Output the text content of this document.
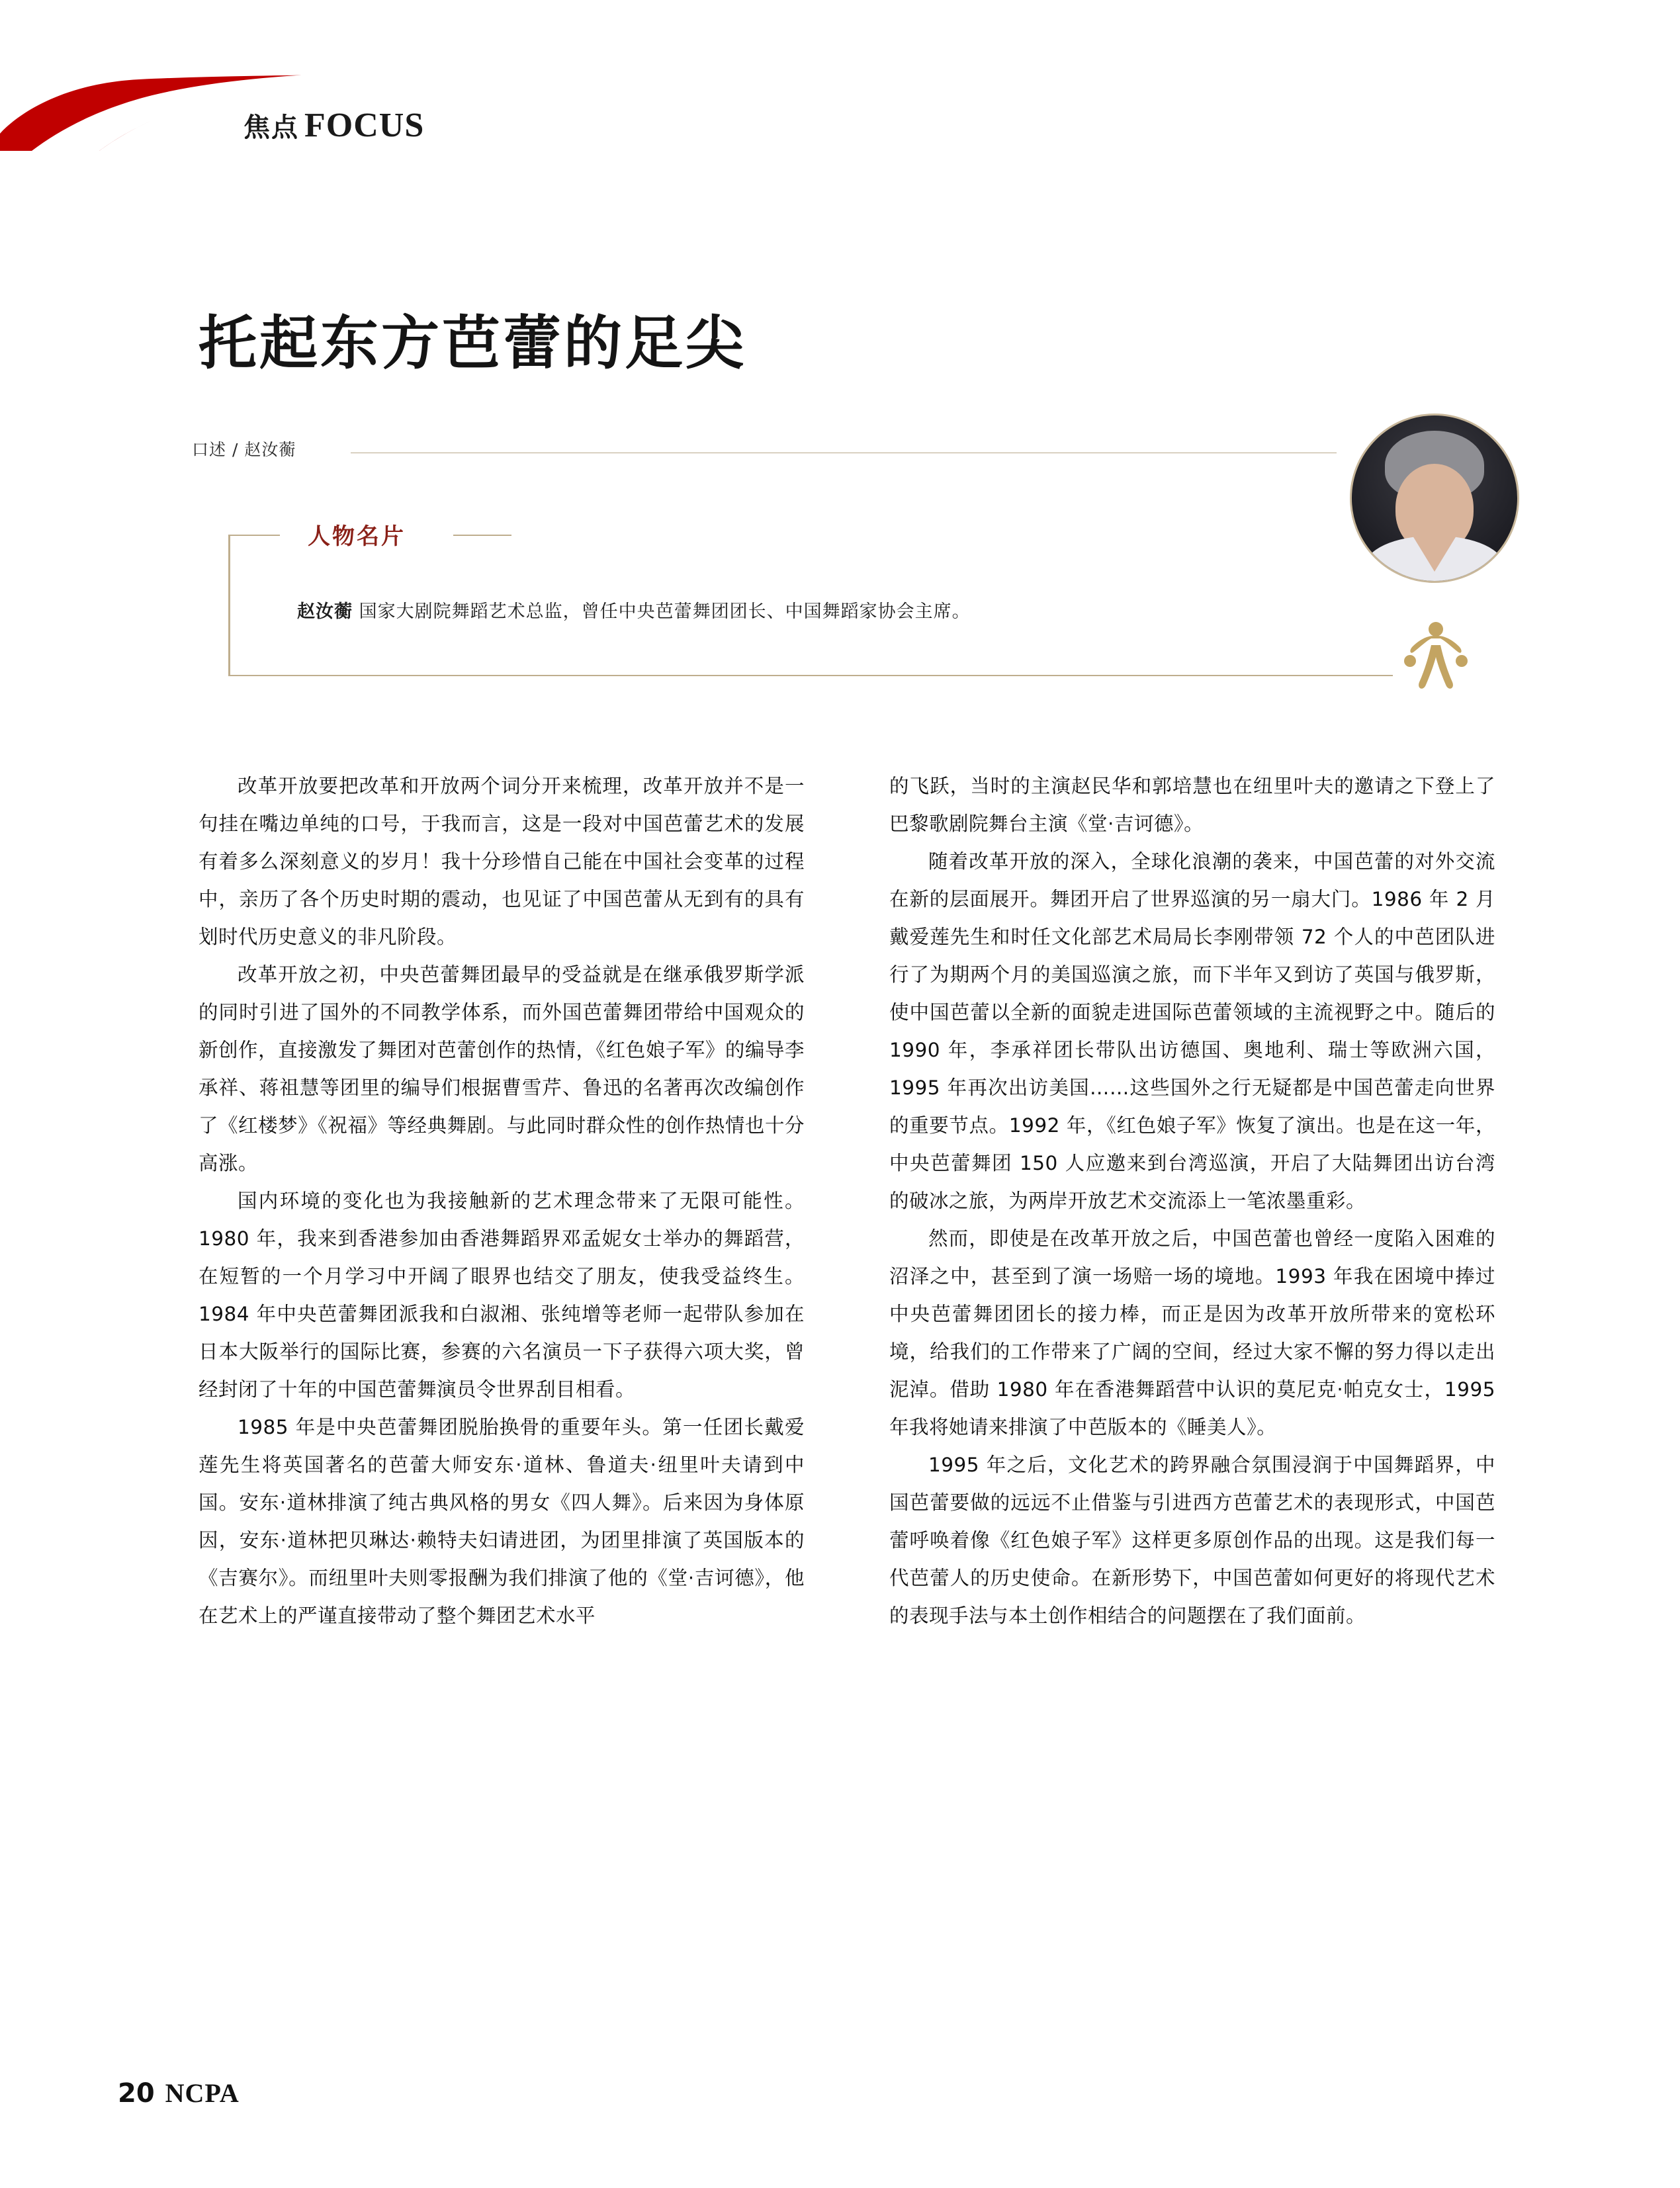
焦点 FOCUS
托起东方芭蕾的足尖
口述 / 赵汝蘅
人物名片
赵汝蘅 国家大剧院舞蹈艺术总监，曾任中央芭蕾舞团团长、中国舞蹈家协会主席。

改革开放要把改革和开放两个词分开来梳理，改革开放并不是一句挂在嘴边单纯的口号，于我而言，这是一段对中国芭蕾艺术的发展有着多么深刻意义的岁月！我十分珍惜自己能在中国社会变革的过程中，亲历了各个历史时期的震动，也见证了中国芭蕾从无到有的具有划时代历史意义的非凡阶段。

改革开放之初，中央芭蕾舞团最早的受益就是在继承俄罗斯学派的同时引进了国外的不同教学体系，而外国芭蕾舞团带给中国观众的新创作，直接激发了舞团对芭蕾创作的热情，《红色娘子军》的编导李承祥、蒋祖慧等团里的编导们根据曹雪芹、鲁迅的名著再次改编创作了《红楼梦》《祝福》等经典舞剧。与此同时群众性的创作热情也十分高涨。

国内环境的变化也为我接触新的艺术理念带来了无限可能性。1980 年，我来到香港参加由香港舞蹈界邓孟妮女士举办的舞蹈营，在短暂的一个月学习中开阔了眼界也结交了朋友，使我受益终生。1984 年中央芭蕾舞团派我和白淑湘、张纯增等老师一起带队参加在日本大阪举行的国际比赛，参赛的六名演员一下子获得六项大奖，曾经封闭了十年的中国芭蕾舞演员令世界刮目相看。

1985 年是中央芭蕾舞团脱胎换骨的重要年头。第一任团长戴爱莲先生将英国著名的芭蕾大师安东·道林、鲁道夫·纽里叶夫请到中国。安东·道林排演了纯古典风格的男女《四人舞》。后来因为身体原因，安东·道林把贝琳达·赖特夫妇请进团，为团里排演了英国版本的《吉赛尔》。而纽里叶夫则零报酬为我们排演了他的《堂·吉诃德》，他在艺术上的严谨直接带动了整个舞团艺术水平

的飞跃，当时的主演赵民华和郭培慧也在纽里叶夫的邀请之下登上了巴黎歌剧院舞台主演《堂·吉诃德》。

随着改革开放的深入，全球化浪潮的袭来，中国芭蕾的对外交流在新的层面展开。舞团开启了世界巡演的另一扇大门。1986 年 2 月戴爱莲先生和时任文化部艺术局局长李刚带领 72 个人的中芭团队进行了为期两个月的美国巡演之旅，而下半年又到访了英国与俄罗斯，使中国芭蕾以全新的面貌走进国际芭蕾领域的主流视野之中。随后的 1990 年，李承祥团长带队出访德国、奥地利、瑞士等欧洲六国，1995 年再次出访美国……这些国外之行无疑都是中国芭蕾走向世界的重要节点。1992 年，《红色娘子军》恢复了演出。也是在这一年，中央芭蕾舞团 150 人应邀来到台湾巡演，开启了大陆舞团出访台湾的破冰之旅，为两岸开放艺术交流添上一笔浓墨重彩。

然而，即使是在改革开放之后，中国芭蕾也曾经一度陷入困难的沼泽之中，甚至到了演一场赔一场的境地。1993 年我在困境中捧过中央芭蕾舞团团长的接力棒，而正是因为改革开放所带来的宽松环境，给我们的工作带来了广阔的空间，经过大家不懈的努力得以走出泥淖。借助 1980 年在香港舞蹈营中认识的莫尼克·帕克女士，1995 年我将她请来排演了中芭版本的《睡美人》。

1995 年之后，文化艺术的跨界融合氛围浸润于中国舞蹈界，中国芭蕾要做的远远不止借鉴与引进西方芭蕾艺术的表现形式，中国芭蕾呼唤着像《红色娘子军》这样更多原创作品的出现。这是我们每一代芭蕾人的历史使命。在新形势下，中国芭蕾如何更好的将现代艺术的表现手法与本土创作相结合的问题摆在了我们面前。

20 NCPA
